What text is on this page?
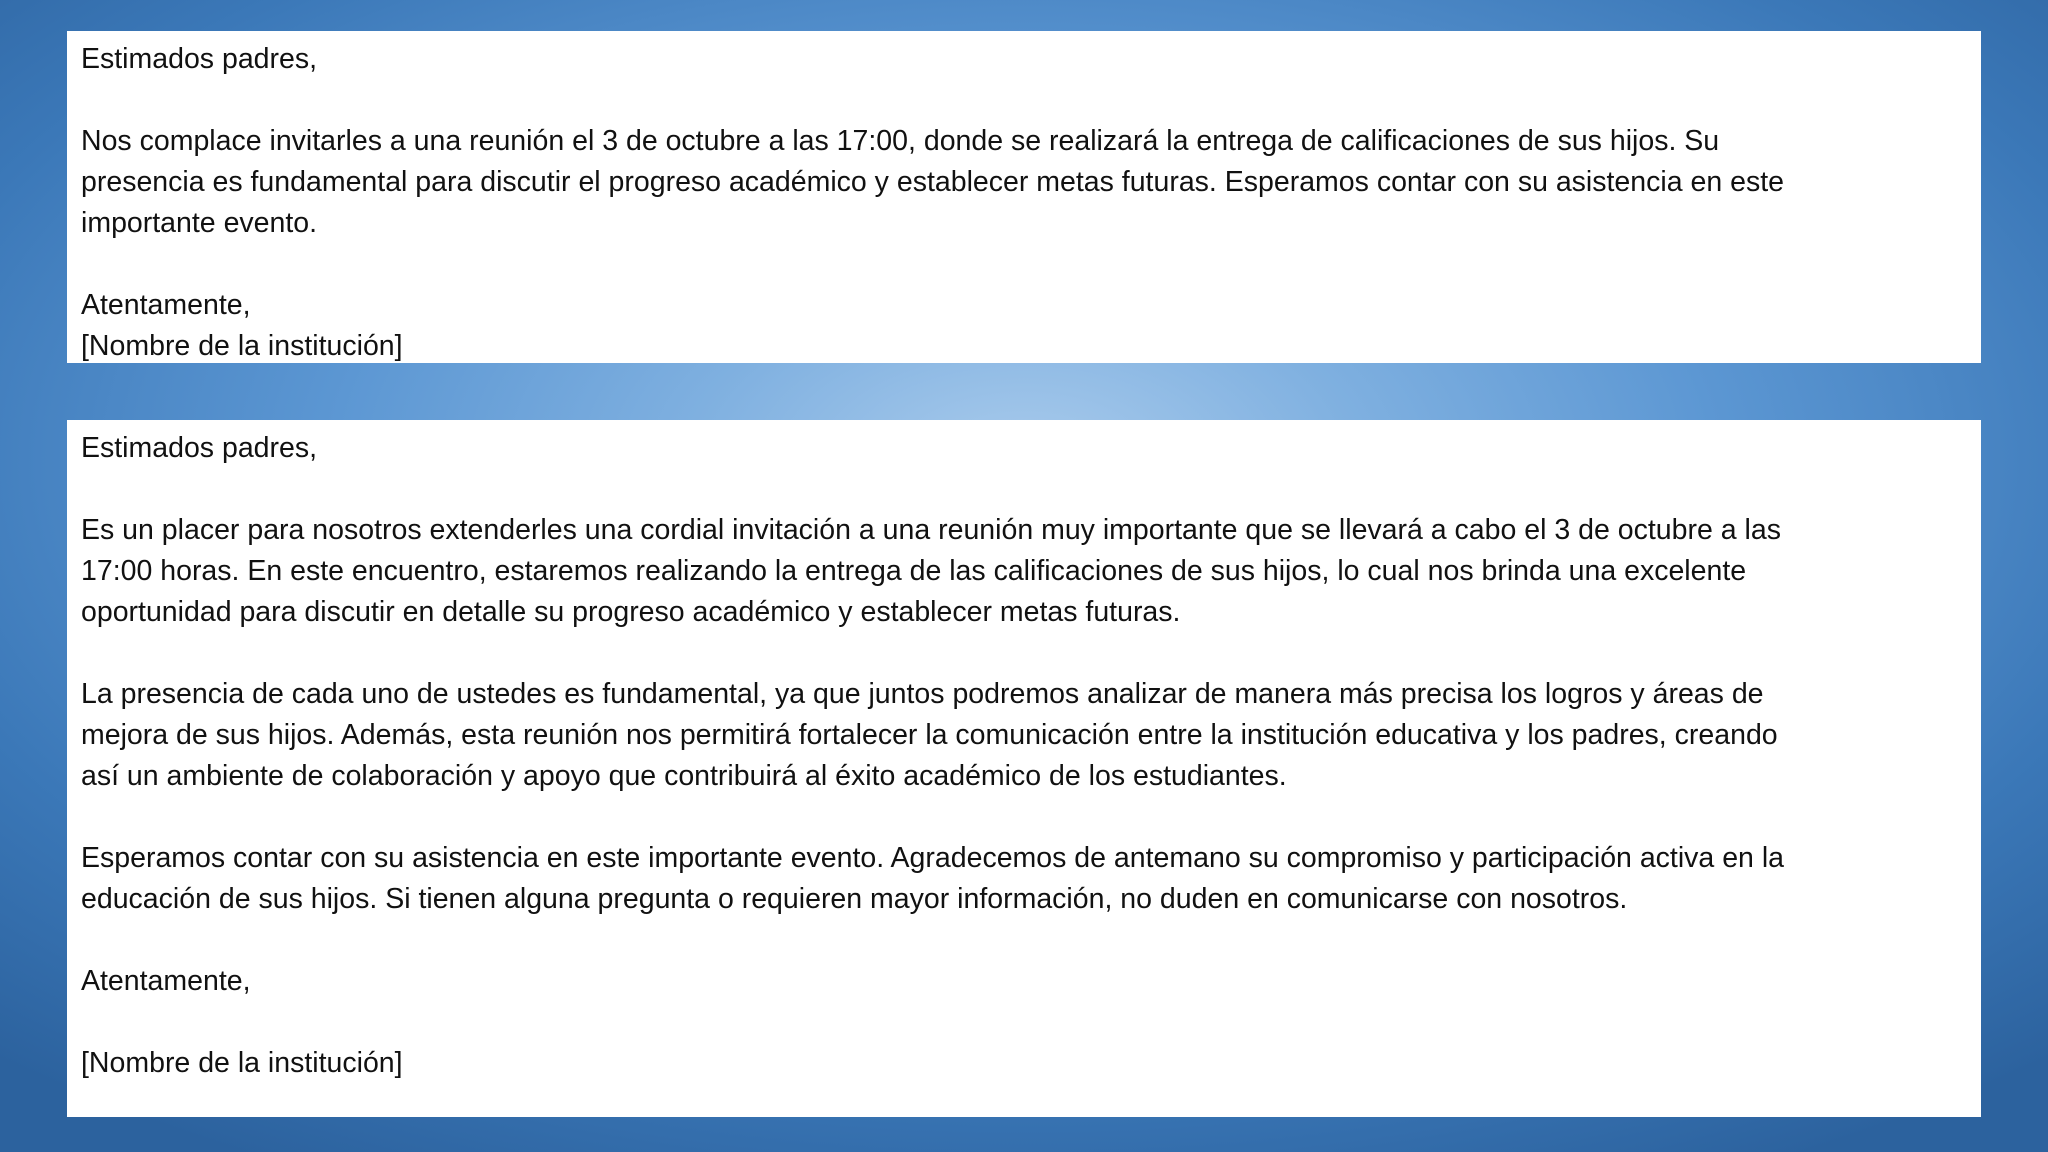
Estimados padres,
Nos complace invitarles a una reunión el 3 de octubre a las 17:00, donde se realizará la entrega de calificaciones de sus hijos. Su
presencia es fundamental para discutir el progreso académico y establecer metas futuras. Esperamos contar con su asistencia en este
importante evento.
Atentamente,
[Nombre de la institución]
Estimados padres,
Es un placer para nosotros extenderles una cordial invitación a una reunión muy importante que se llevará a cabo el 3 de octubre a las
17:00 horas. En este encuentro, estaremos realizando la entrega de las calificaciones de sus hijos, lo cual nos brinda una excelente
oportunidad para discutir en detalle su progreso académico y establecer metas futuras.
La presencia de cada uno de ustedes es fundamental, ya que juntos podremos analizar de manera más precisa los logros y áreas de
mejora de sus hijos. Además, esta reunión nos permitirá fortalecer la comunicación entre la institución educativa y los padres, creando
así un ambiente de colaboración y apoyo que contribuirá al éxito académico de los estudiantes.
Esperamos contar con su asistencia en este importante evento. Agradecemos de antemano su compromiso y participación activa en la
educación de sus hijos. Si tienen alguna pregunta o requieren mayor información, no duden en comunicarse con nosotros.
Atentamente,
[Nombre de la institución]
